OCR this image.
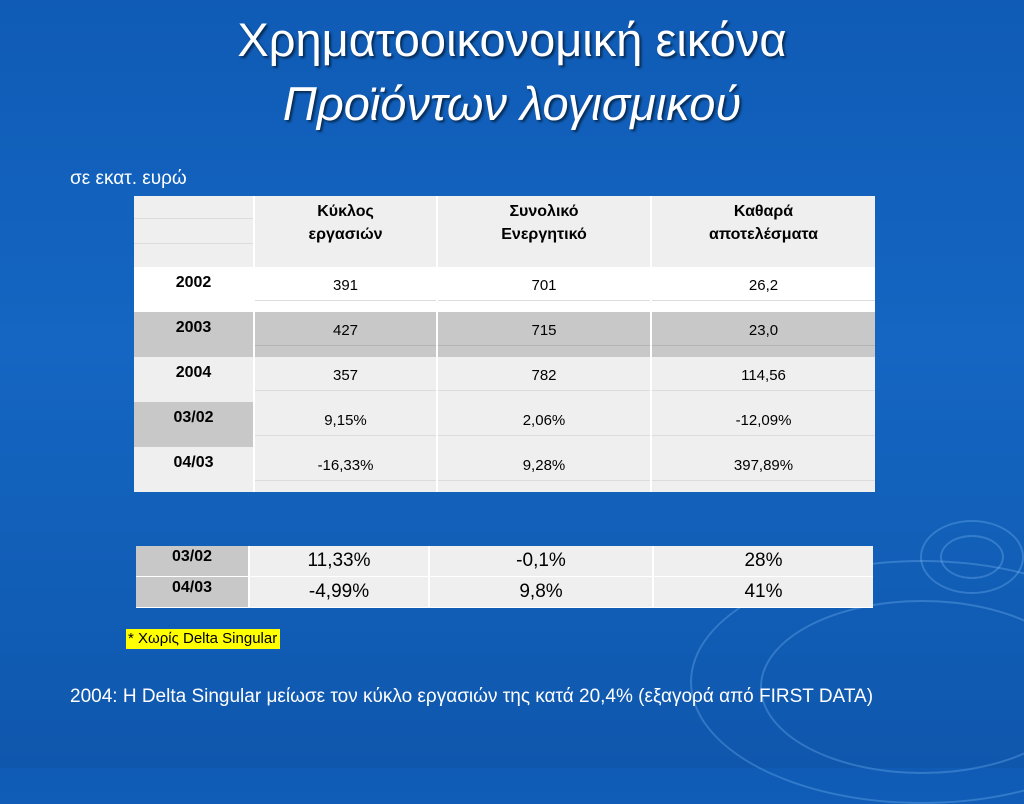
Χρηματοοικονομική εικόνα
Προϊόντων λογισμικού
σε εκατ. ευρώ

	Κύκλος εργασιών	Συνολικό Ενεργητικό	Καθαρά αποτελέσματα

2002	391	701	26,2

2003	427	715	23,0

2004	357	782	114,56

03/02	9,15%	2,06%	-12,09%

04/03	-16,33%	9,28%	397,89%
03/02	11,33%	-0,1%	28%
04/03	-4,99%	9,8%	41%
* Χωρίς Delta Singular
2004: Η Delta Singular μείωσε τον κύκλο εργασιών της κατά 20,4% (εξαγορά από FIRST DATA)
